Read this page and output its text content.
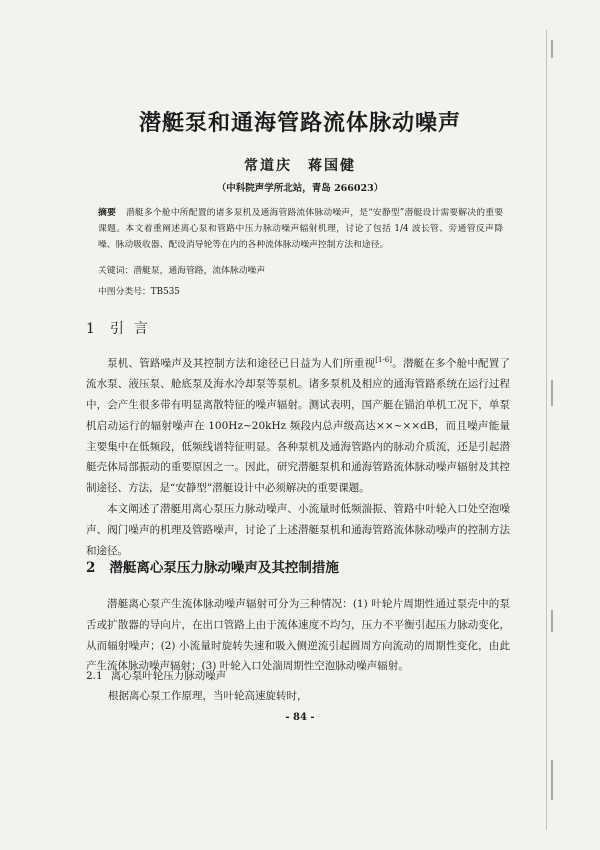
潜艇泵和通海管路流体脉动噪声
常道庆　蒋国健
（中科院声学所北站，青岛 266023）
摘要 潜艇多个舱中所配置的诸多泵机及通海管路流体脉动噪声，是“安静型”潜艇设计需要解决的重要课题。本文着重阐述离心泵和管路中压力脉动噪声辐射机理，讨论了包括 1/4 波长管、旁通管反声降噪、脉动吸收器、配设消导轮等在内的各种流体脉动噪声控制方法和途径。
关键词：潜艇泵，通海管路，流体脉动噪声
中图分类号：TB535
1 引言

泵机、管路噪声及其控制方法和途径已日益为人们所重视[1-6]。潜艇在多个舱中配置了流水泵、液压泵、舱底泵及海水冷却泵等泵机。诸多泵机及相应的通海管路系统在运行过程中，会产生很多带有明显离散特征的噪声辐射。测试表明，国产艇在锚泊单机工况下，单泵机启动运行的辐射噪声在 100Hz~20kHz 频段内总声级高达××~××dB，而且噪声能量主要集中在低频段，低频线谱特征明显。各种泵机及通海管路内的脉动介质流，还是引起潜艇壳体局部振动的重要原因之一。因此，研究潜艇泵机和通海管路流体脉动噪声辐射及其控制途径、方法，是“安静型”潜艇设计中必须解决的重要课题。

本文阐述了潜艇用离心泵压力脉动噪声、小流量时低频湍振、管路中叶轮入口处空泡噪声、阀门噪声的机理及管路噪声，讨论了上述潜艇泵机和通海管路流体脉动噪声的控制方法和途径。

2 潜艇离心泵压力脉动噪声及其控制措施

潜艇离心泵产生流体脉动噪声辐射可分为三种情况：(1) 叶轮片周期性通过泵壳中的泵舌或扩散器的导向片，在出口管路上由于流体速度不均匀，压力不平衡引起压力脉动变化，从而辐射噪声；(2) 小流量时旋转失速和吸入侧逆流引起圆周方向流动的周期性变化，由此产生流体脉动噪声辐射；(3) 叶轮入口处湍周期性空泡脉动噪声辐射。

2.1 离心泵叶轮压力脉动噪声
根据离心泵工作原理，当叶轮高速旋转时，
- 84 -
